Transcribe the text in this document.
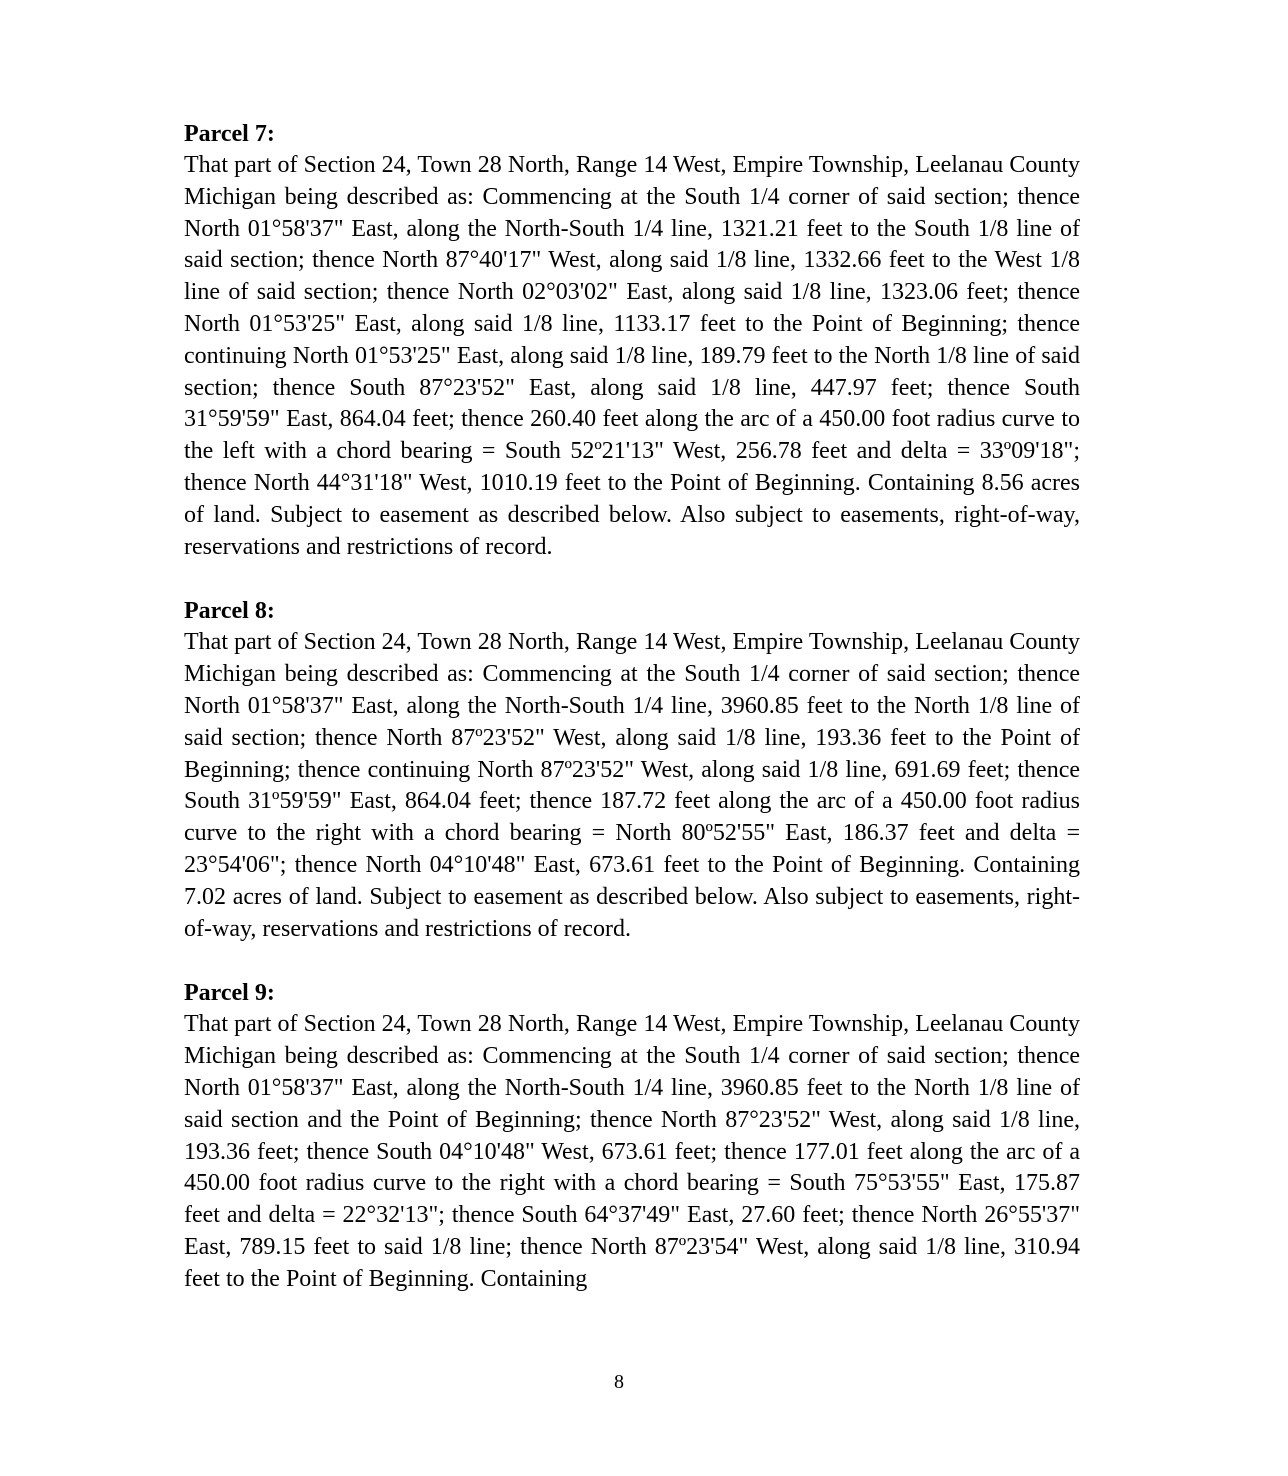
Parcel 7:

That part of Section 24, Town 28 North, Range 14 West, Empire Township, Leelanau County Michigan being described as: Commencing at the South 1/4 corner of said section; thence North 01°58'37" East, along the North-South 1/4 line, 1321.21 feet to the South 1/8 line of said section; thence North 87°40'17" West, along said 1/8 line, 1332.66 feet to the West 1/8 line of said section; thence North 02°03'02" East, along said 1/8 line, 1323.06 feet; thence North 01°53'25" East, along said 1/8 line, 1133.17 feet to the Point of Beginning; thence continuing North 01°53'25" East, along said 1/8 line, 189.79 feet to the North 1/8 line of said section; thence South 87°23'52" East, along said 1/8 line, 447.97 feet; thence South 31°59'59" East, 864.04 feet; thence 260.40 feet along the arc of a 450.00 foot radius curve to the left with a chord bearing = South 52º21'13" West, 256.78 feet and delta = 33º09'18"; thence North 44°31'18" West, 1010.19 feet to the Point of Beginning. Containing 8.56 acres of land. Subject to easement as described below. Also subject to easements, right-of-way, reservations and restrictions of record.

Parcel 8:

That part of Section 24, Town 28 North, Range 14 West, Empire Township, Leelanau County Michigan being described as: Commencing at the South 1/4 corner of said section; thence North 01°58'37" East, along the North-South 1/4 line, 3960.85 feet to the North 1/8 line of said section; thence North 87º23'52" West, along said 1/8 line, 193.36 feet to the Point of Beginning; thence continuing North 87º23'52" West, along said 1/8 line, 691.69 feet; thence South 31º59'59" East, 864.04 feet; thence 187.72 feet along the arc of a 450.00 foot radius curve to the right with a chord bearing = North 80º52'55" East, 186.37 feet and delta = 23°54'06"; thence North 04°10'48" East, 673.61 feet to the Point of Beginning. Containing 7.02 acres of land. Subject to easement as described below. Also subject to easements, right-of-way, reservations and restrictions of record.

Parcel 9:

That part of Section 24, Town 28 North, Range 14 West, Empire Township, Leelanau County Michigan being described as: Commencing at the South 1/4 corner of said section; thence North 01°58'37" East, along the North-South 1/4 line, 3960.85 feet to the North 1/8 line of said section and the Point of Beginning; thence North 87°23'52" West, along said 1/8 line, 193.36 feet; thence South 04°10'48" West, 673.61 feet; thence 177.01 feet along the arc of a 450.00 foot radius curve to the right with a chord bearing = South 75°53'55" East, 175.87 feet and delta = 22°32'13"; thence South 64°37'49" East, 27.60 feet; thence North 26°55'37" East, 789.15 feet to said 1/8 line; thence North 87º23'54" West, along said 1/8 line, 310.94 feet to the Point of Beginning. Containing

8
